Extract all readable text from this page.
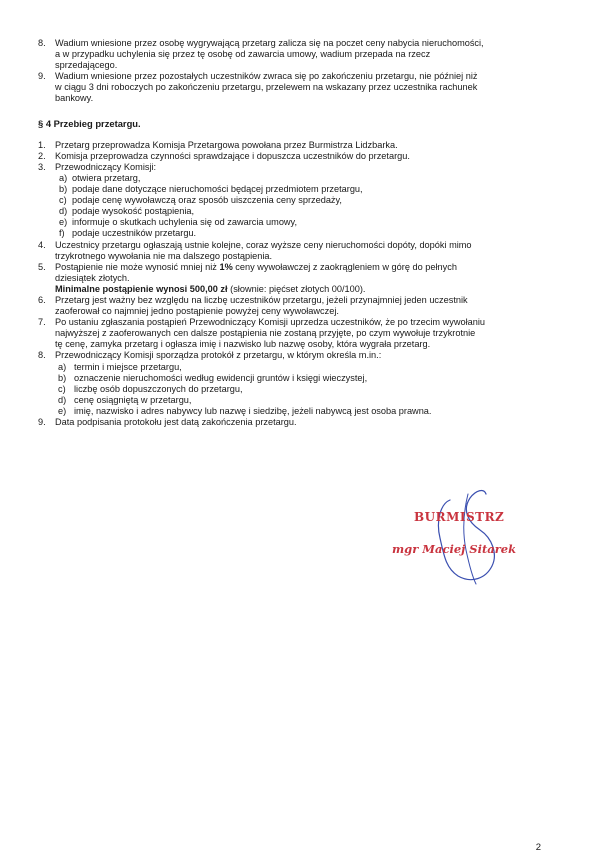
8. Wadium wniesione przez osobę wygrywającą przetarg zalicza się na poczet ceny nabycia nieruchomości,
a w przypadku uchylenia się przez tę osobę od zawarcia umowy, wadium przepada na rzecz
sprzedającego.
9. Wadium wniesione przez pozostałych uczestników zwraca się po zakończeniu przetargu, nie później niż
w ciągu 3 dni roboczych po zakończeniu przetargu, przelewem na wskazany przez uczestnika rachunek
bankowy.
§ 4 Przebieg przetargu.
1. Przetarg przeprowadza Komisja Przetargowa powołana przez Burmistrza Lidzbarka.
2. Komisja przeprowadza czynności sprawdzające i dopuszcza uczestników do przetargu.
3. Przewodniczący Komisji:
a) otwiera przetarg,
b) podaje dane dotyczące nieruchomości będącej przedmiotem przetargu,
c) podaje cenę wywoławczą oraz sposób uiszczenia ceny sprzedaży,
d) podaje wysokość postąpienia,
e) informuje o skutkach uchylenia się od zawarcia umowy,
f) podaje uczestników przetargu.
4. Uczestnicy przetargu ogłaszają ustnie kolejne, coraz wyższe ceny nieruchomości dopóty, dopóki mimo
trzykrotnego wywołania nie ma dalszego postąpienia.
5. Postąpienie nie może wynosić mniej niż 1% ceny wywoławczej z zaokrągleniem w górę do pełnych
dziesiątek złotych.
Minimalne postąpienie wynosi 500,00 zł (słownie: pięćset złotych 00/100).
6. Przetarg jest ważny bez względu na liczbę uczestników przetargu, jeżeli przynajmniej jeden uczestnik
zaoferował co najmniej jedno postąpienie powyżej ceny wywoławczej.
7. Po ustaniu zgłaszania postąpień Przewodniczący Komisji uprzedza uczestników, że po trzecim wywołaniu
najwyższej z zaoferowanych cen dalsze postąpienia nie zostaną przyjęte, po czym wywołuje trzykrotnie
tę cenę, zamyka przetarg i ogłasza imię i nazwisko lub nazwę osoby, która wygrała przetarg.
8. Przewodniczący Komisji sporządza protokół z przetargu, w którym określa m.in.:
a) termin i miejsce przetargu,
b) oznaczenie nieruchomości według ewidencji gruntów i księgi wieczystej,
c) liczbę osób dopuszczonych do przetargu,
d) cenę osiągniętą w przetargu,
e) imię, nazwisko i adres nabywcy lub nazwę i siedzibę, jeżeli nabywcą jest osoba prawna.
9.	Data podpisania protokołu jest datą zakończenia przetargu.
BURMISTRZ
mgr Maciej Sitarek
2
